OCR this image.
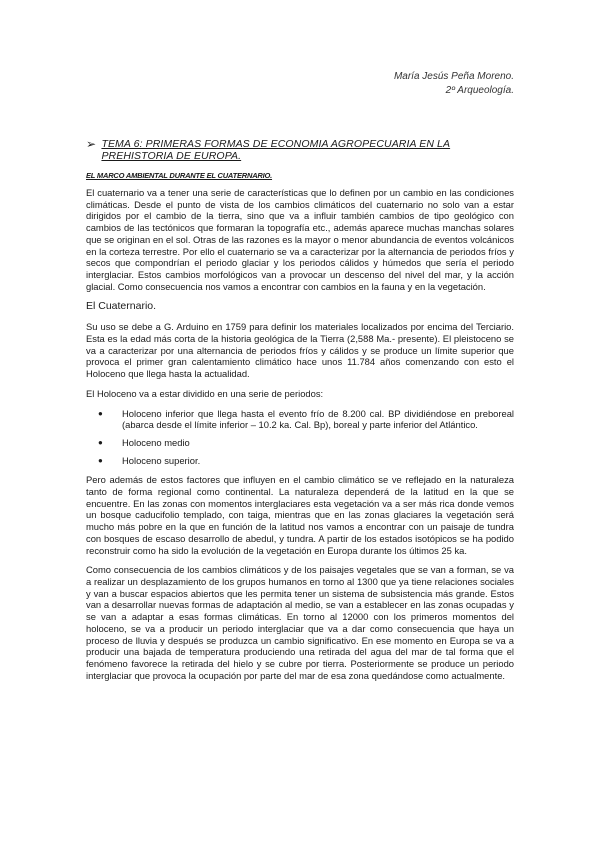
María Jesús Peña Moreno.
2º Arqueología.
➢ TEMA 6: PRIMERAS FORMAS DE ECONOMIA AGROPECUARIA EN LA PREHISTORIA DE EUROPA.
EL MARCO AMBIENTAL DURANTE EL CUATERNARIO.

El cuaternario va a tener una serie de características que lo definen por un cambio en las condiciones climáticas. Desde el punto de vista de los cambios climáticos del cuaternario no solo van a estar dirigidos por el cambio de la tierra, sino que va a influir también cambios de tipo geológico con cambios de las tectónicos que formaran la topografía etc., además aparece muchas manchas solares que se originan en el sol. Otras de las razones es la mayor o menor abundancia de eventos volcánicos en la corteza terrestre. Por ello el cuaternario se va a caracterizar por la alternancia de periodos fríos y secos que compondrían el periodo glaciar y los periodos cálidos y húmedos que sería el periodo interglaciar. Estos cambios morfológicos van a provocar un descenso del nivel del mar, y la acción glacial. Como consecuencia nos vamos a encontrar con cambios en la fauna y en la vegetación.

El Cuaternario.

Su uso se debe a G. Arduino en 1759 para definir los materiales localizados por encima del Terciario. Esta es la edad más corta de la historia geológica de la Tierra (2,588 Ma.- presente). El pleistoceno se va a caracterizar por una alternancia de periodos fríos y cálidos y se produce un límite superior que provoca el primer gran calentamiento climático hace unos 11.784 años comenzando con esto el Holoceno que llega hasta la actualidad.

El Holoceno va a estar dividido en una serie de periodos:

●	Holoceno inferior que llega hasta el evento frío de 8.200 cal. BP dividiéndose en preboreal (abarca desde el límite inferior – 10.2 ka. Cal. Bp), boreal y parte inferior del Atlántico.
●	Holoceno medio
●	Holoceno superior.

Pero además de estos factores que influyen en el cambio climático se ve reflejado en la naturaleza tanto de forma regional como continental. La naturaleza dependerá de la latitud en la que se encuentre. En las zonas con momentos interglaciares esta vegetación va a ser más rica donde vemos un bosque caducifolio templado, con taiga, mientras que en las zonas glaciares la vegetación será mucho más pobre en la que en función de la latitud nos vamos a encontrar con un paisaje de tundra con bosques de escaso desarrollo de abedul, y tundra. A partir de los estados isotópicos se ha podido reconstruir como ha sido la evolución de la vegetación en Europa durante los últimos 25 ka.

Como consecuencia de los cambios climáticos y de los paisajes vegetales que se van a forman, se va a realizar un desplazamiento de los grupos humanos en torno al 1300 que ya tiene relaciones sociales y van a buscar espacios abiertos que les permita tener un sistema de subsistencia más grande. Estos van a desarrollar nuevas formas de adaptación al medio, se van a establecer en las zonas ocupadas y se van a adaptar a esas formas climáticas. En torno al 12000 con los primeros momentos del holoceno, se va a producir un periodo interglaciar que va a dar como consecuencia que haya un proceso de lluvia y después se produzca un cambio significativo. En ese momento en Europa se va a producir una bajada de temperatura produciendo una retirada del agua del mar de tal forma que el fenómeno favorece la retirada del hielo y se cubre por tierra. Posteriormente se produce un periodo interglaciar que provoca la ocupación por parte del mar de esa zona quedándose como actualmente.
